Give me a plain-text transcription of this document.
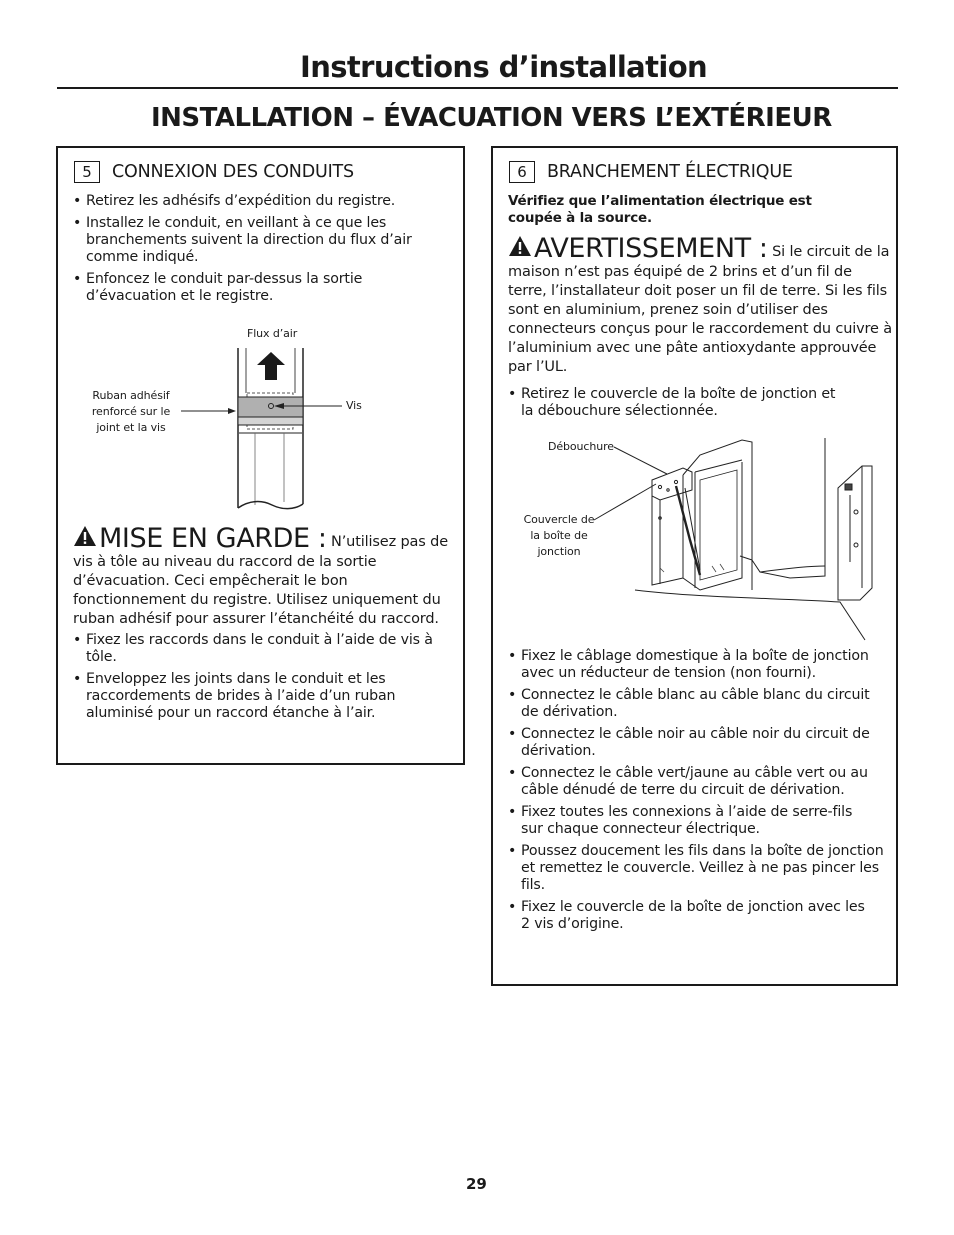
Instructions d’installation
INSTALLATION – ÉVACUATION VERS L’EXTÉRIEUR
5	CONNEXION DES CONDUITS
• Retirez les adhésifs d’expédition du registre.
• Installez le conduit, en veillant à ce que les branchements suivent la direction du flux d’air comme indiqué.
• Enfoncez le conduit par-dessus la sortie d’évacuation et le registre.
Flux d’air
Ruban adhésif renforcé sur le joint et la vis
Vis
MISE EN GARDE : N’utilisez pas de vis à tôle au niveau du raccord de la sortie d’évacuation. Ceci empêcherait le bon fonctionnement du registre. Utilisez uniquement du ruban adhésif pour assurer l’étanchéité du raccord.
• Fixez les raccords dans le conduit à l’aide de vis à tôle.
• Enveloppez les joints dans le conduit et les raccordements de brides à l’aide d’un ruban aluminisé pour un raccord étanche à l’air.
6	BRANCHEMENT ÉLECTRIQUE
Vérifiez que l’alimentation électrique est coupée à la source.
AVERTISSEMENT : Si le circuit de la maison n’est pas équipé de 2 brins et d’un fil de terre, l’installateur doit poser un fil de terre. Si les fils sont en aluminium, prenez soin d’utiliser des connecteurs conçus pour le raccordement du cuivre à l’aluminium avec une pâte antioxydante approuvée par l’UL.
• Retirez le couvercle de la boîte de jonction et la débouchure sélectionnée.
Débouchure
Couvercle de la boîte de jonction
• Fixez le câblage domestique à la boîte de jonction avec un réducteur de tension (non fourni).
• Connectez le câble blanc au câble blanc du circuit de dérivation.
• Connectez le câble noir au câble noir du circuit de dérivation.
• Connectez le câble vert/jaune au câble vert ou au câble dénudé de terre du circuit de dérivation.
• Fixez toutes les connexions à l’aide de serre-fils sur chaque connecteur électrique.
• Poussez doucement les fils dans la boîte de jonction et remettez le couvercle. Veillez à ne pas pincer les fils.
• Fixez le couvercle de la boîte de jonction avec les 2 vis d’origine.
29
